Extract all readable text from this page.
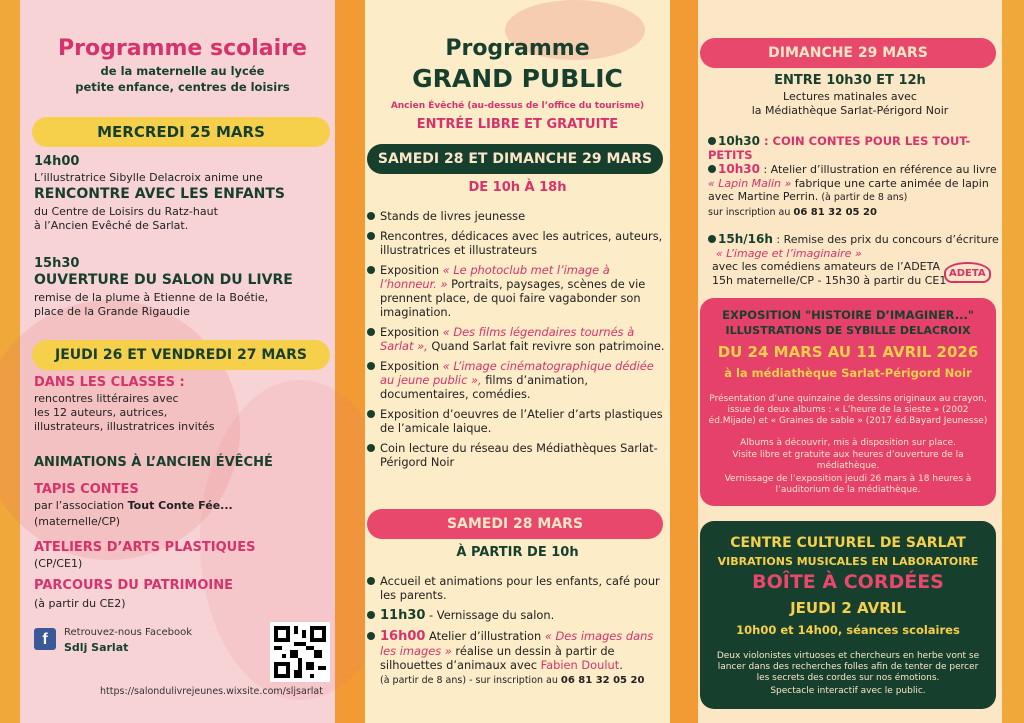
Programme scolaire
de la maternelle au lycée
petite enfance, centres de loisirs
MERCREDI 25 MARS
14h00
L’illustratrice Sibylle Delacroix anime une
RENCONTRE AVEC LES ENFANTS
du Centre de Loisirs du Ratz-haut
à l’Ancien Evêché de Sarlat.
15h30
OUVERTURE DU SALON DU LIVRE
remise de la plume à Etienne de la Boétie,
place de la Grande Rigaudie
JEUDI 26 ET VENDREDI 27 MARS
DANS LES CLASSES :
rencontres littéraires avec
les 12 auteurs, autrices,
illustrateurs, illustratrices invités
ANIMATIONS À L’ANCIEN ÉVÊCHÉ
TAPIS CONTES
par l’association Tout Conte Fée...
(maternelle/CP)
ATELIERS D’ARTS PLASTIQUES
(CP/CE1)
PARCOURS DU PATRIMOINE
(à partir du CE2)
f	Retrouvez-nous Facebook
Sdlj Sarlat
https://salondulivrejeunes.wixsite.com/sljsarlat
Programme
GRAND PUBLIC
Ancien Évêché (au-dessus de l’office du tourisme)
ENTRÉE LIBRE ET GRATUITE
SAMEDI 28 ET DIMANCHE 29 MARS
DE 10h À 18h
Stands de livres jeunesse
Rencontres, dédicaces avec les autrices, auteurs, illustratrices et illustrateurs
Exposition « Le photoclub met l’image à l’honneur. » Portraits, paysages, scènes de vie prennent place, de quoi faire vagabonder son imagination.
Exposition « Des films légendaires tournés à Sarlat », Quand Sarlat fait revivre son patrimoine.
Exposition « L’image cinématographique dédiée au jeune public », films d’animation, documentaires, comédies.
Exposition d’oeuvres de l’Atelier d’arts plastiques de l’amicale laique.
Coin lecture du réseau des Médiathèques Sarlat-Périgord Noir
SAMEDI 28 MARS
À PARTIR DE 10h
Accueil et animations pour les enfants, café pour les parents.
11h30 - Vernissage du salon.
16h00 Atelier d’illustration « Des images dans les images » réalise un dessin à partir de silhouettes d’animaux avec Fabien Doulut.
(à partir de 8 ans) - sur inscription au 06 81 32 05 20
DIMANCHE 29 MARS
ENTRE 10h30 ET 12h
Lectures matinales avec
la Médiathèque Sarlat-Périgord Noir
10h30 : COIN CONTES POUR LES TOUT-PETITS
10h30 : Atelier d’illustration en référence au livre
« Lapin Malin » fabrique une carte animée de lapin avec Martine Perrin. (à partir de 8 ans)
sur inscription au 06 81 32 05 20
15h/16h : Remise des prix du concours d’écriture
« L’image et l’imaginaire »
avec les comédiens amateurs de l’ADETA
15h maternelle/CP - 15h30 à partir du CE1 ADETA
EXPOSITION "HISTOIRE D’IMAGINER..."
ILLUSTRATIONS DE SYBILLE DELACROIX
DU 24 MARS AU 11 AVRIL 2026
à la médiathèque Sarlat-Périgord Noir
Présentation d’une quinzaine de dessins originaux au crayon, issue de deux albums : « L’heure de la sieste » (2002 éd.Mijade) et « Graines de sable » (2017 éd.Bayard Jeunesse)
Albums à découvrir, mis à disposition sur place.
Visite libre et gratuite aux heures d’ouverture de la médiathèque.
Vernissage de l’exposition jeudi 26 mars à 18 heures à l’auditorium de la médiathèque.
CENTRE CULTUREL DE SARLAT
VIBRATIONS MUSICALES EN LABORATOIRE
BOÎTE À CORDÉES
JEUDI 2 AVRIL
10h00 et 14h00, séances scolaires
Deux violonistes virtuoses et chercheurs en herbe vont se lancer dans des recherches folles afin de tenter de percer les secrets des cordes sur nos émotions.
Spectacle interactif avec le public.
